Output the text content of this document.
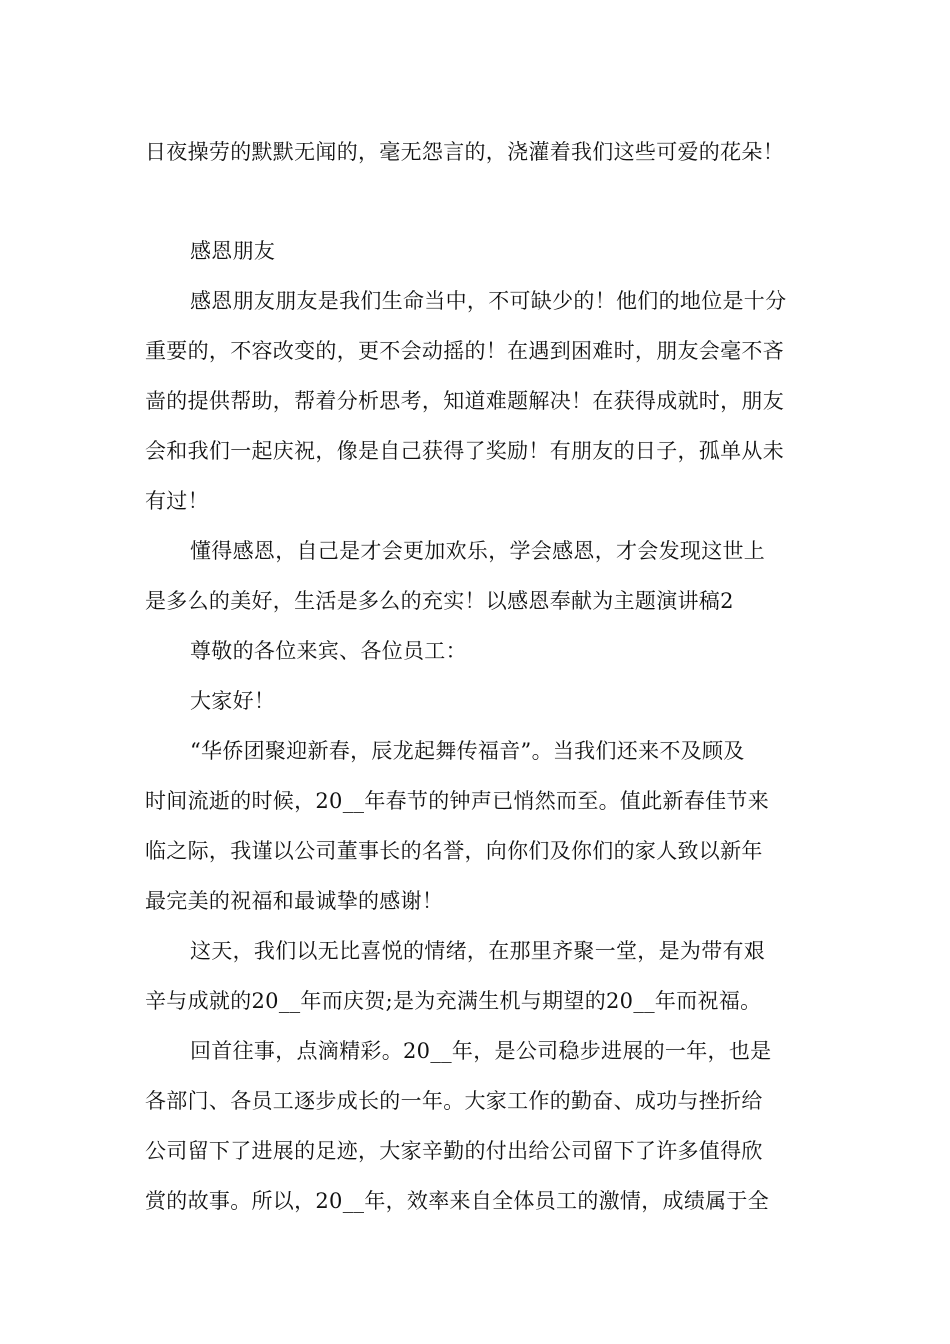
日夜操劳的默默无闻的，毫无怨言的，浇灌着我们这些可爱的花朵！
感恩朋友
感恩朋友朋友是我们生命当中，不可缺少的！他们的地位是十分
重要的，不容改变的，更不会动摇的！在遇到困难时，朋友会毫不吝
啬的提供帮助，帮着分析思考，知道难题解决！在获得成就时，朋友
会和我们一起庆祝，像是自己获得了奖励！有朋友的日子，孤单从未
有过！
懂得感恩，自己是才会更加欢乐，学会感恩，才会发现这世上
是多么的美好，生活是多么的充实！以感恩奉献为主题演讲稿2
尊敬的各位来宾、各位员工：
大家好！
“华侨团聚迎新春，辰龙起舞传福音”。当我们还来不及顾及
时间流逝的时候，20__年春节的钟声已悄然而至。值此新春佳节来
临之际，我谨以公司董事长的名誉，向你们及你们的家人致以新年
最完美的祝福和最诚挚的感谢！
这天，我们以无比喜悦的情绪，在那里齐聚一堂，是为带有艰
辛与成就的20__年而庆贺;是为充满生机与期望的20__年而祝福。
回首往事，点滴精彩。20__年，是公司稳步进展的一年，也是
各部门、各员工逐步成长的一年。大家工作的勤奋、成功与挫折给
公司留下了进展的足迹，大家辛勤的付出给公司留下了许多值得欣
赏的故事。所以，20__年，效率来自全体员工的激情，成绩属于全
